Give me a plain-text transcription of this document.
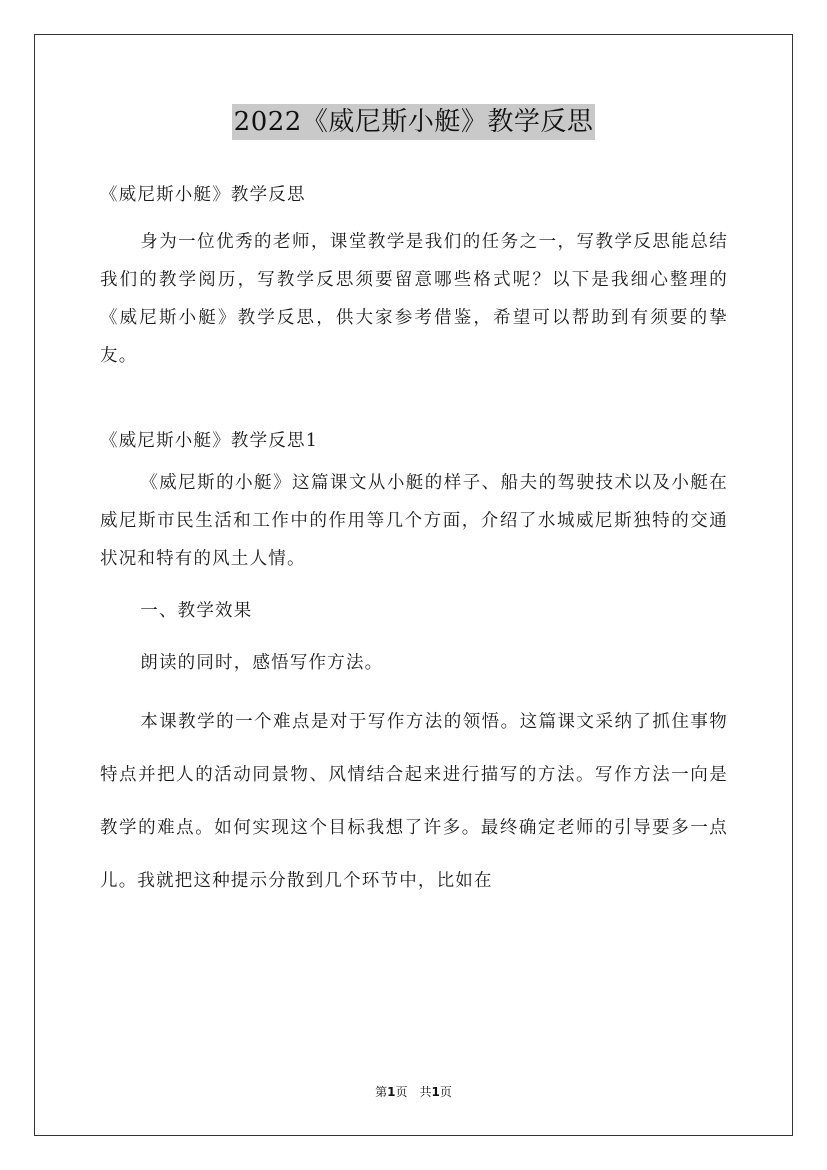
2022《威尼斯小艇》教学反思

《威尼斯小艇》教学反思

身为一位优秀的老师，课堂教学是我们的任务之一，写教学反思能总结我们的教学阅历，写教学反思须要留意哪些格式呢？以下是我细心整理的《威尼斯小艇》教学反思，供大家参考借鉴，希望可以帮助到有须要的挚友。

《威尼斯小艇》教学反思1

《威尼斯的小艇》这篇课文从小艇的样子、船夫的驾驶技术以及小艇在威尼斯市民生活和工作中的作用等几个方面，介绍了水城威尼斯独特的交通状况和特有的风土人情。

一、教学效果

朗读的同时，感悟写作方法。

本课教学的一个难点是对于写作方法的领悟。这篇课文采纳了抓住事物特点并把人的活动同景物、风情结合起来进行描写的方法。写作方法一向是教学的难点。如何实现这个目标我想了许多。最终确定老师的引导要多一点儿。我就把这种提示分散到几个环节中，比如在

第1页 共1页
